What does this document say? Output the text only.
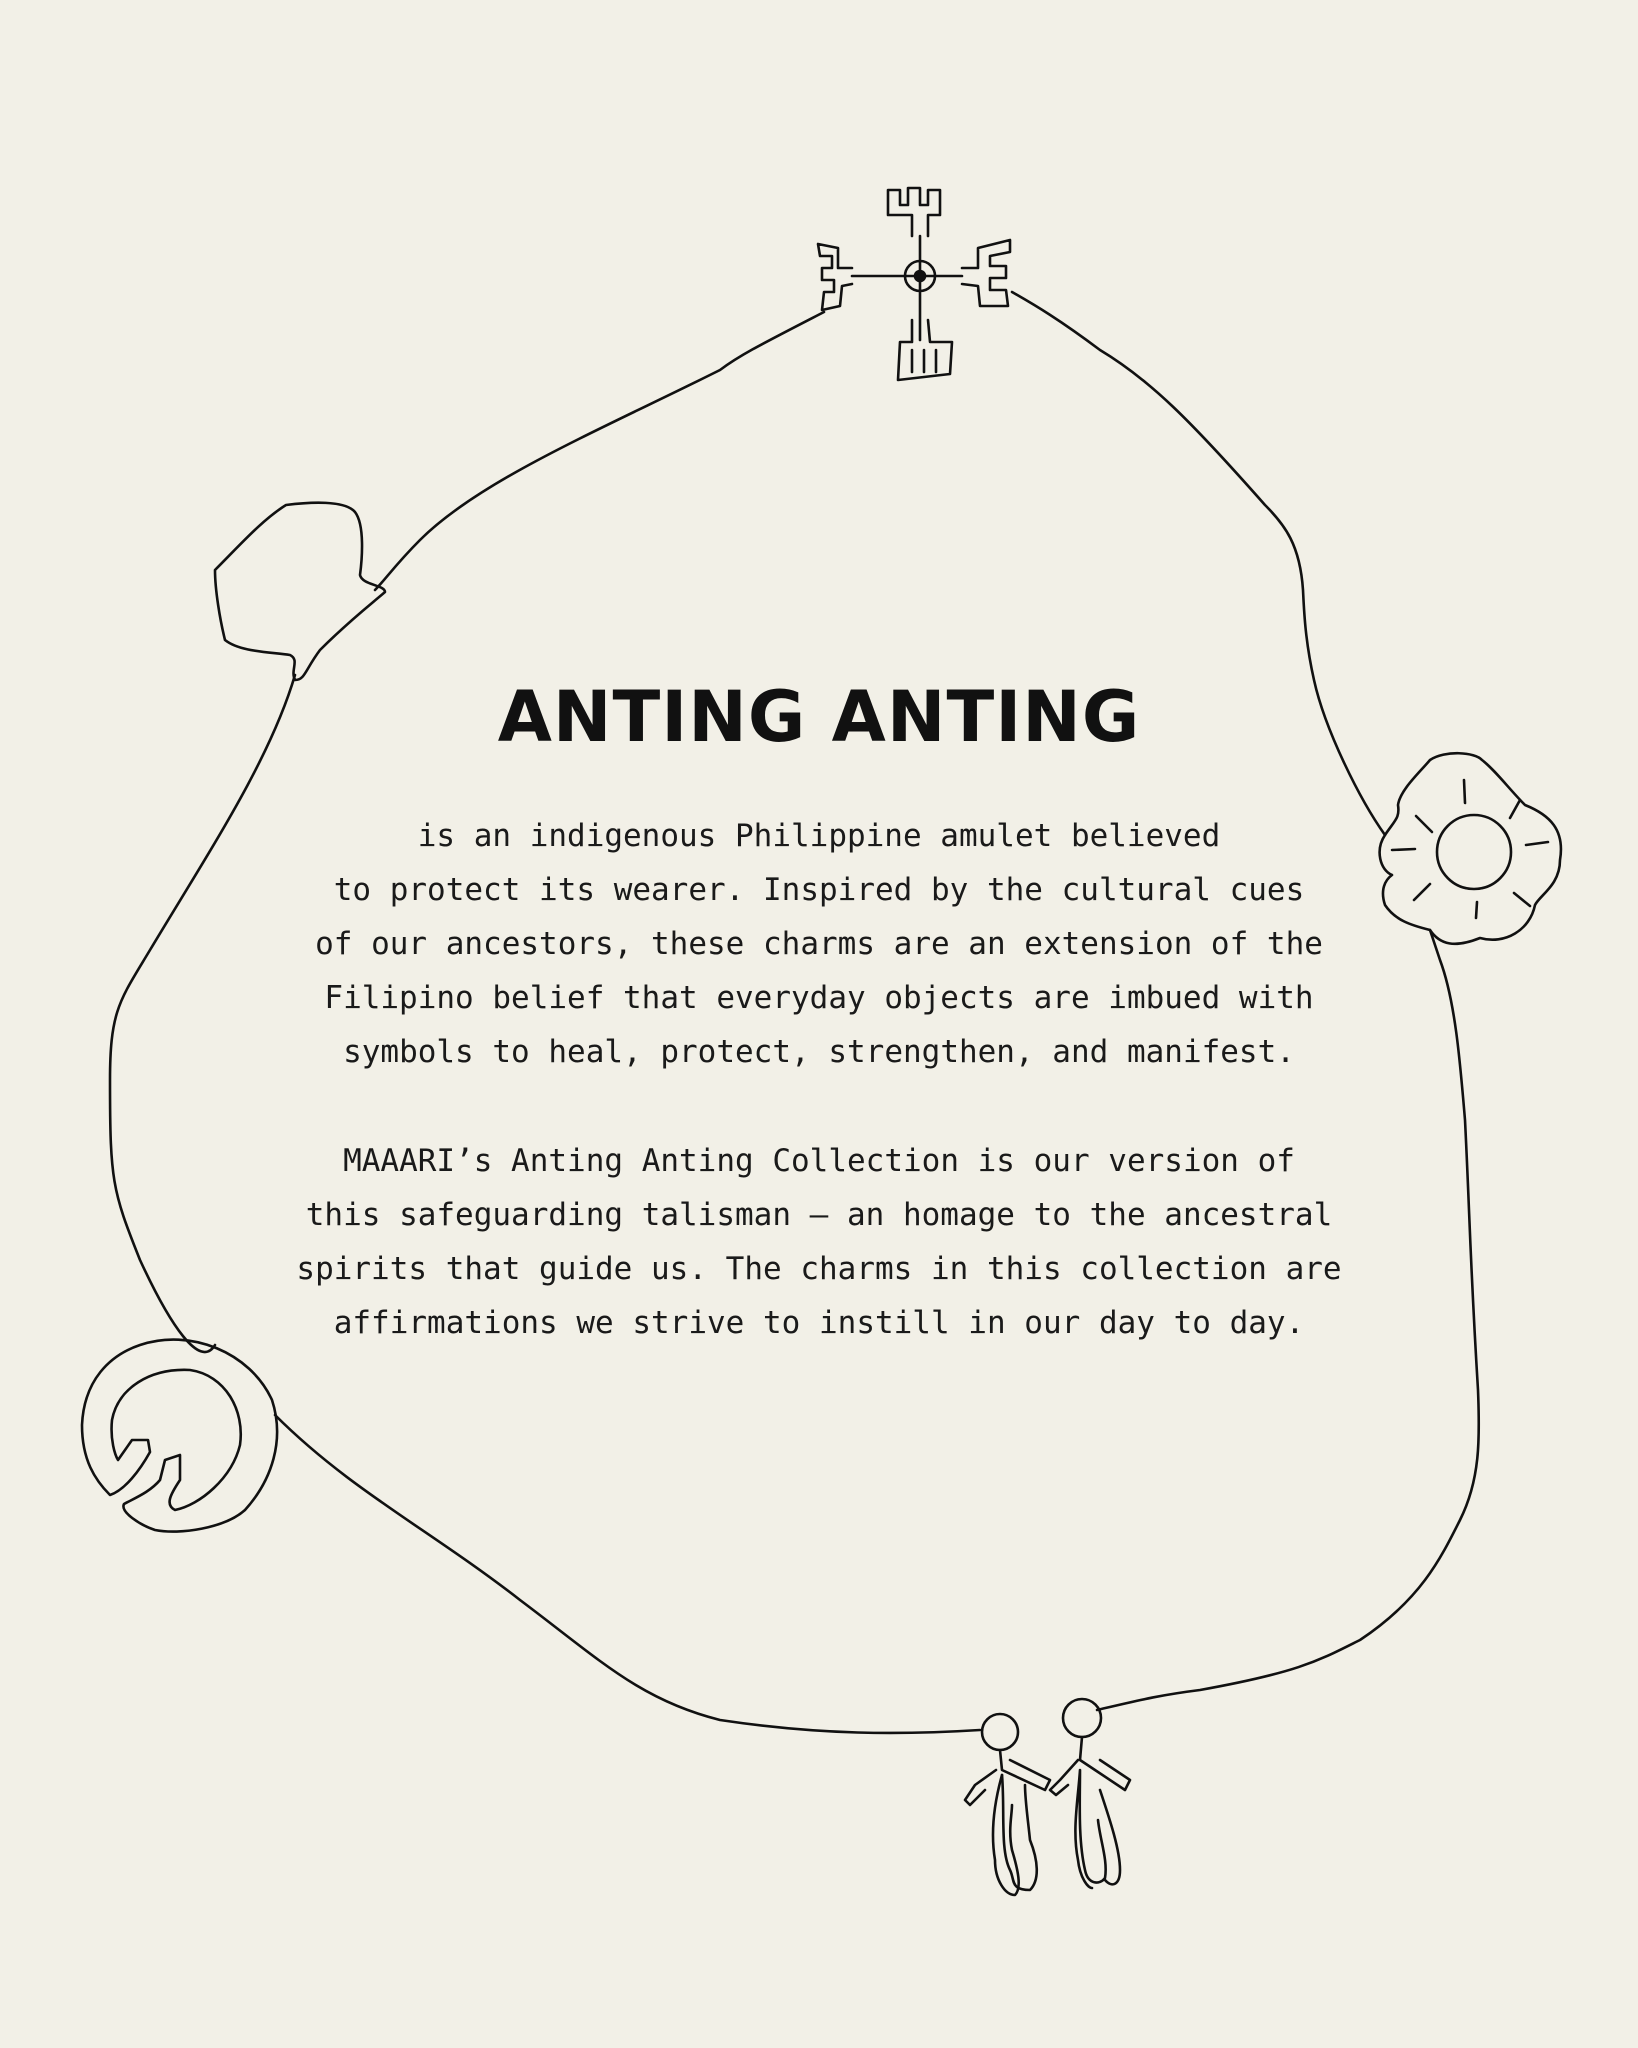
ANTING ANTING

is an indigenous Philippine amulet believed
to protect its wearer. Inspired by the cultural cues
of our ancestors, these charms are an extension of the
Filipino belief that everyday objects are imbued with
symbols to heal, protect, strengthen, and manifest.

MAAARI’s Anting Anting Collection is our version of
this safeguarding talisman — an homage to the ancestral
spirits that guide us. The charms in this collection are
affirmations we strive to instill in our day to day.
